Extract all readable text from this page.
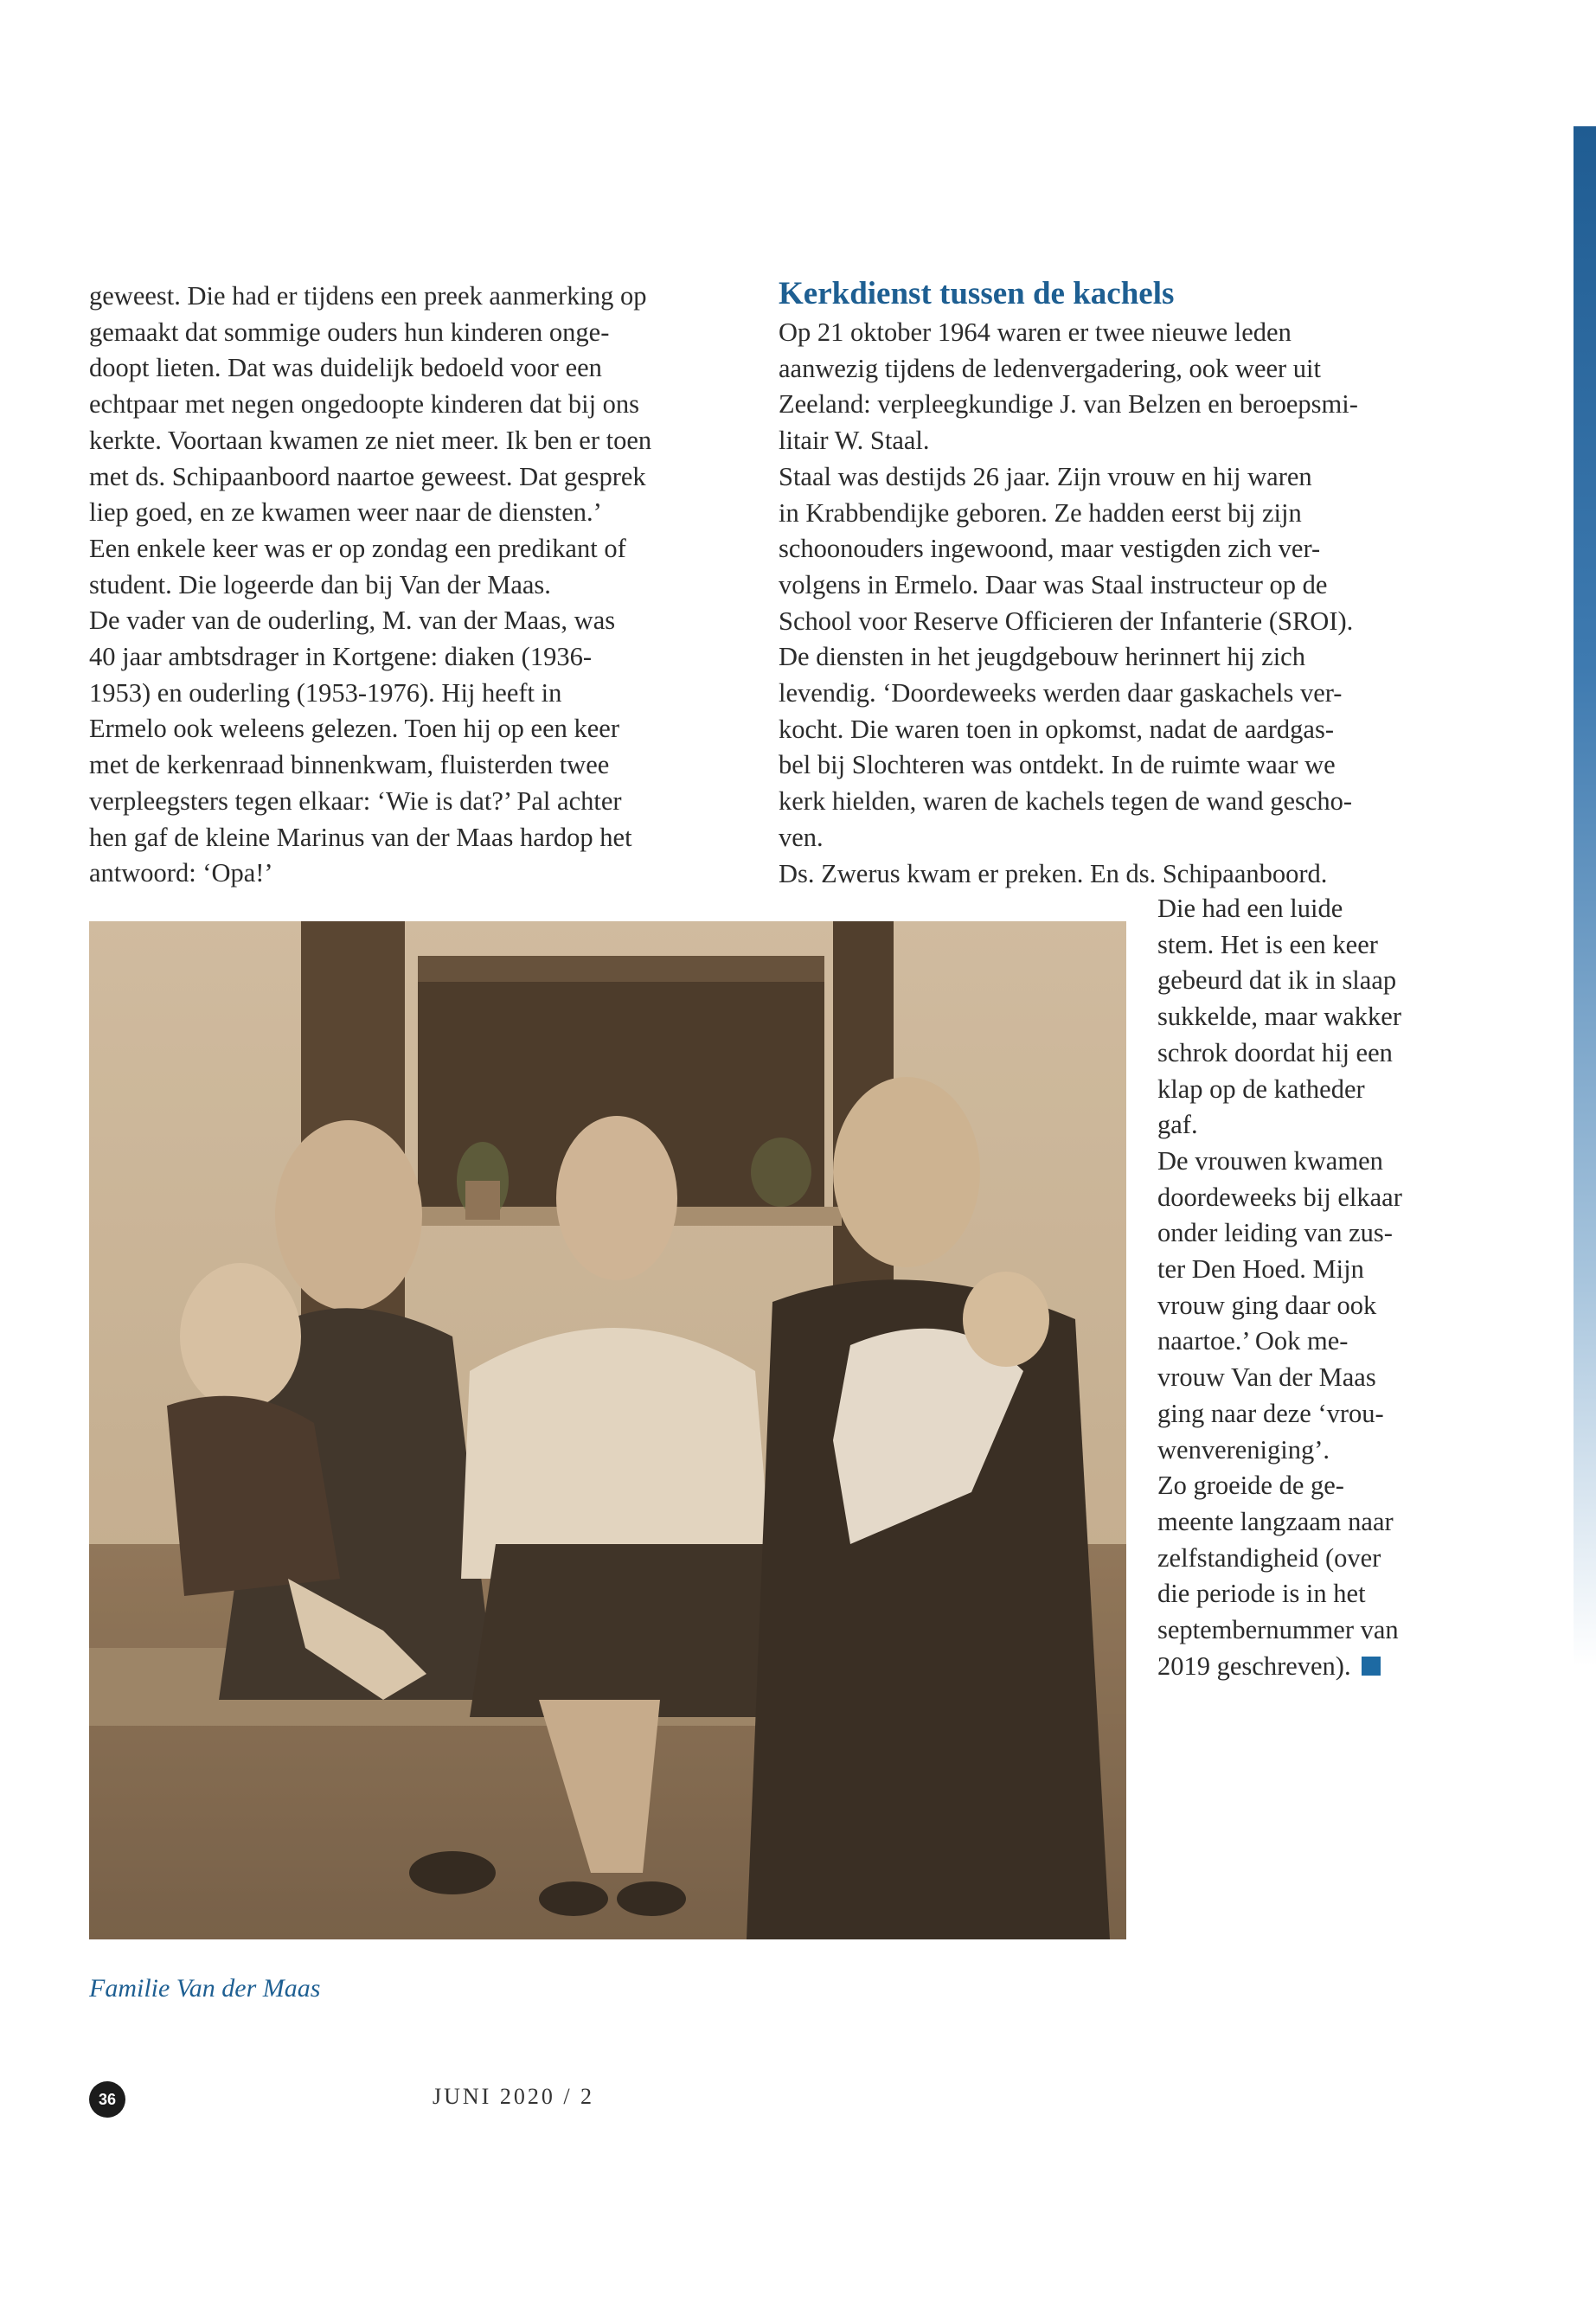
geweest. Die had er tijdens een preek aanmerking op

gemaakt dat sommige ouders hun kinderen onge-

doopt lieten. Dat was duidelijk bedoeld voor een

echtpaar met negen ongedoopte kinderen dat bij ons

kerkte. Voortaan kwamen ze niet meer. Ik ben er toen

met ds. Schipaanboord naartoe geweest. Dat gesprek

liep goed, en ze kwamen weer naar de diensten.’

Een enkele keer was er op zondag een predikant of

student. Die logeerde dan bij Van der Maas.

De vader van de ouderling, M. van der Maas, was

40 jaar ambtsdrager in Kortgene: diaken (1936-

1953) en ouderling (1953-1976). Hij heeft in

Ermelo ook weleens gelezen. Toen hij op een keer

met de kerkenraad binnenkwam, fluisterden twee

verpleegsters tegen elkaar: ‘Wie is dat?’ Pal achter

hen gaf de kleine Marinus van der Maas hardop het

antwoord: ‘Opa!’

Kerkdienst tussen de kachels

Op 21 oktober 1964 waren er twee nieuwe leden

aanwezig tijdens de ledenvergadering, ook weer uit

Zeeland: verpleegkundige J. van Belzen en beroepsmi-

litair W. Staal.

Staal was destijds 26 jaar. Zijn vrouw en hij waren

in Krabbendijke geboren. Ze hadden eerst bij zijn

schoonouders ingewoond, maar vestigden zich ver-

volgens in Ermelo. Daar was Staal instructeur op de

School voor Reserve Officieren der Infanterie (SROI).

De diensten in het jeugdgebouw herinnert hij zich

levendig. ‘Doordeweeks werden daar gaskachels ver-

kocht. Die waren toen in opkomst, nadat de aardgas-

bel bij Slochteren was ontdekt. In de ruimte waar we

kerk hielden, waren de kachels tegen de wand gescho-

ven.

Ds. Zwerus kwam er preken. En ds. Schipaanboord.

Die had een luide

stem. Het is een keer

gebeurd dat ik in slaap

sukkelde, maar wakker

schrok doordat hij een

klap op de katheder

gaf.

De vrouwen kwamen

doordeweeks bij elkaar

onder leiding van zus-

ter Den Hoed. Mijn

vrouw ging daar ook

naartoe.’ Ook me-

vrouw Van der Maas

ging naar deze ‘vrou-

wenvereniging’.

Zo groeide de ge-

meente langzaam naar

zelfstandigheid (over

die periode is in het

septembernummer van

2019 geschreven).

Familie Van der Maas
36	JUNI 2020 / 2
